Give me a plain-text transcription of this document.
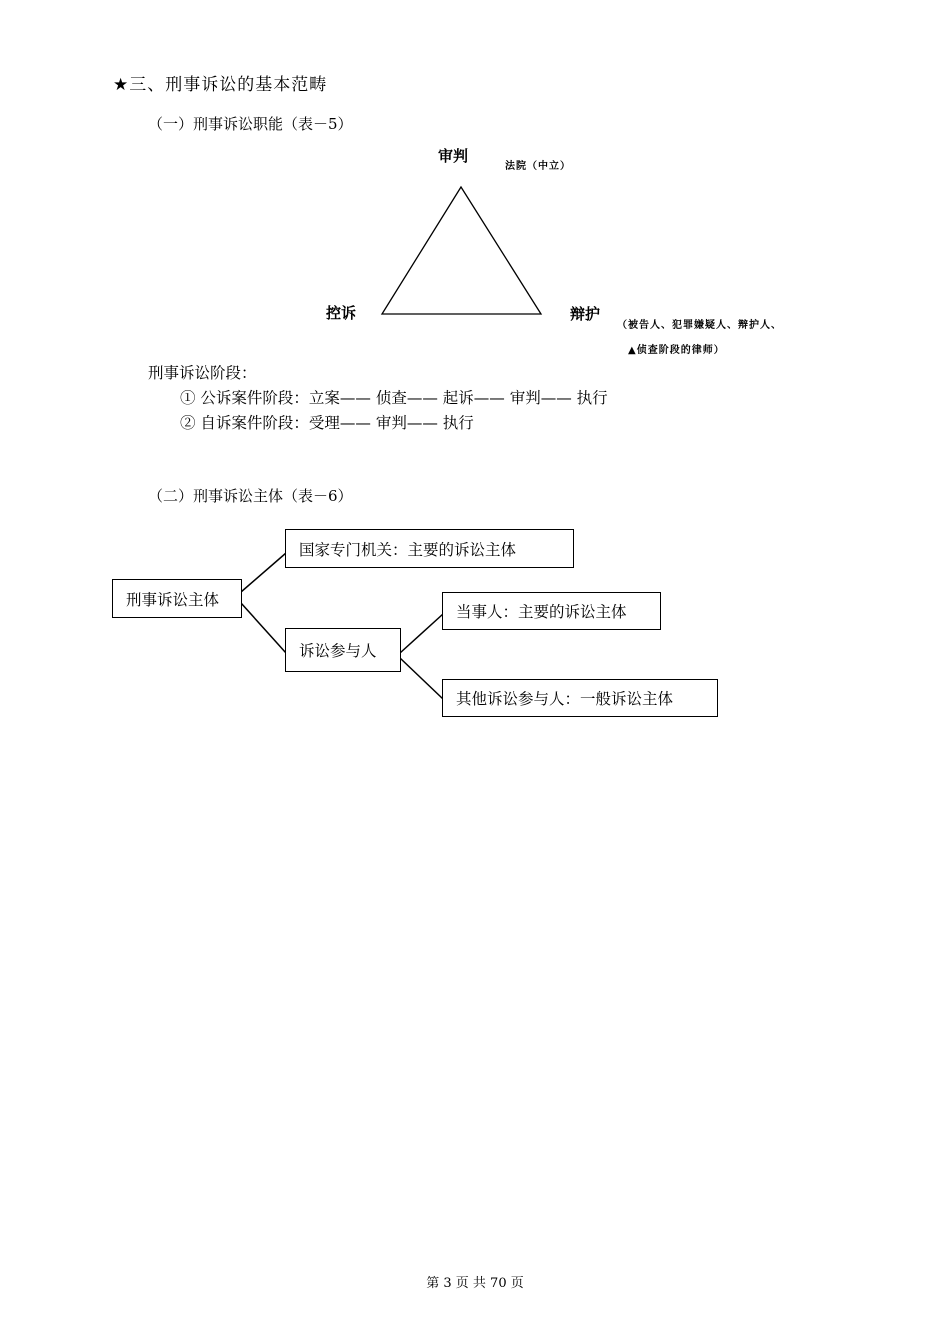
★三、刑事诉讼的基本范畴
（一）刑事诉讼职能（表－5）
审判
法院（中立）
控诉	辩护
（被告人、犯罪嫌疑人、辩护人、
▲侦查阶段的律师）
刑事诉讼阶段：
① 公诉案件阶段：立案—— 侦查—— 起诉—— 审判—— 执行
② 自诉案件阶段：受理—— 审判—— 执行
（二）刑事诉讼主体（表－6）
刑事诉讼主体
国家专门机关：主要的诉讼主体
诉讼参与人
当事人：主要的诉讼主体
其他诉讼参与人：一般诉讼主体
第 3 页 共 70 页
